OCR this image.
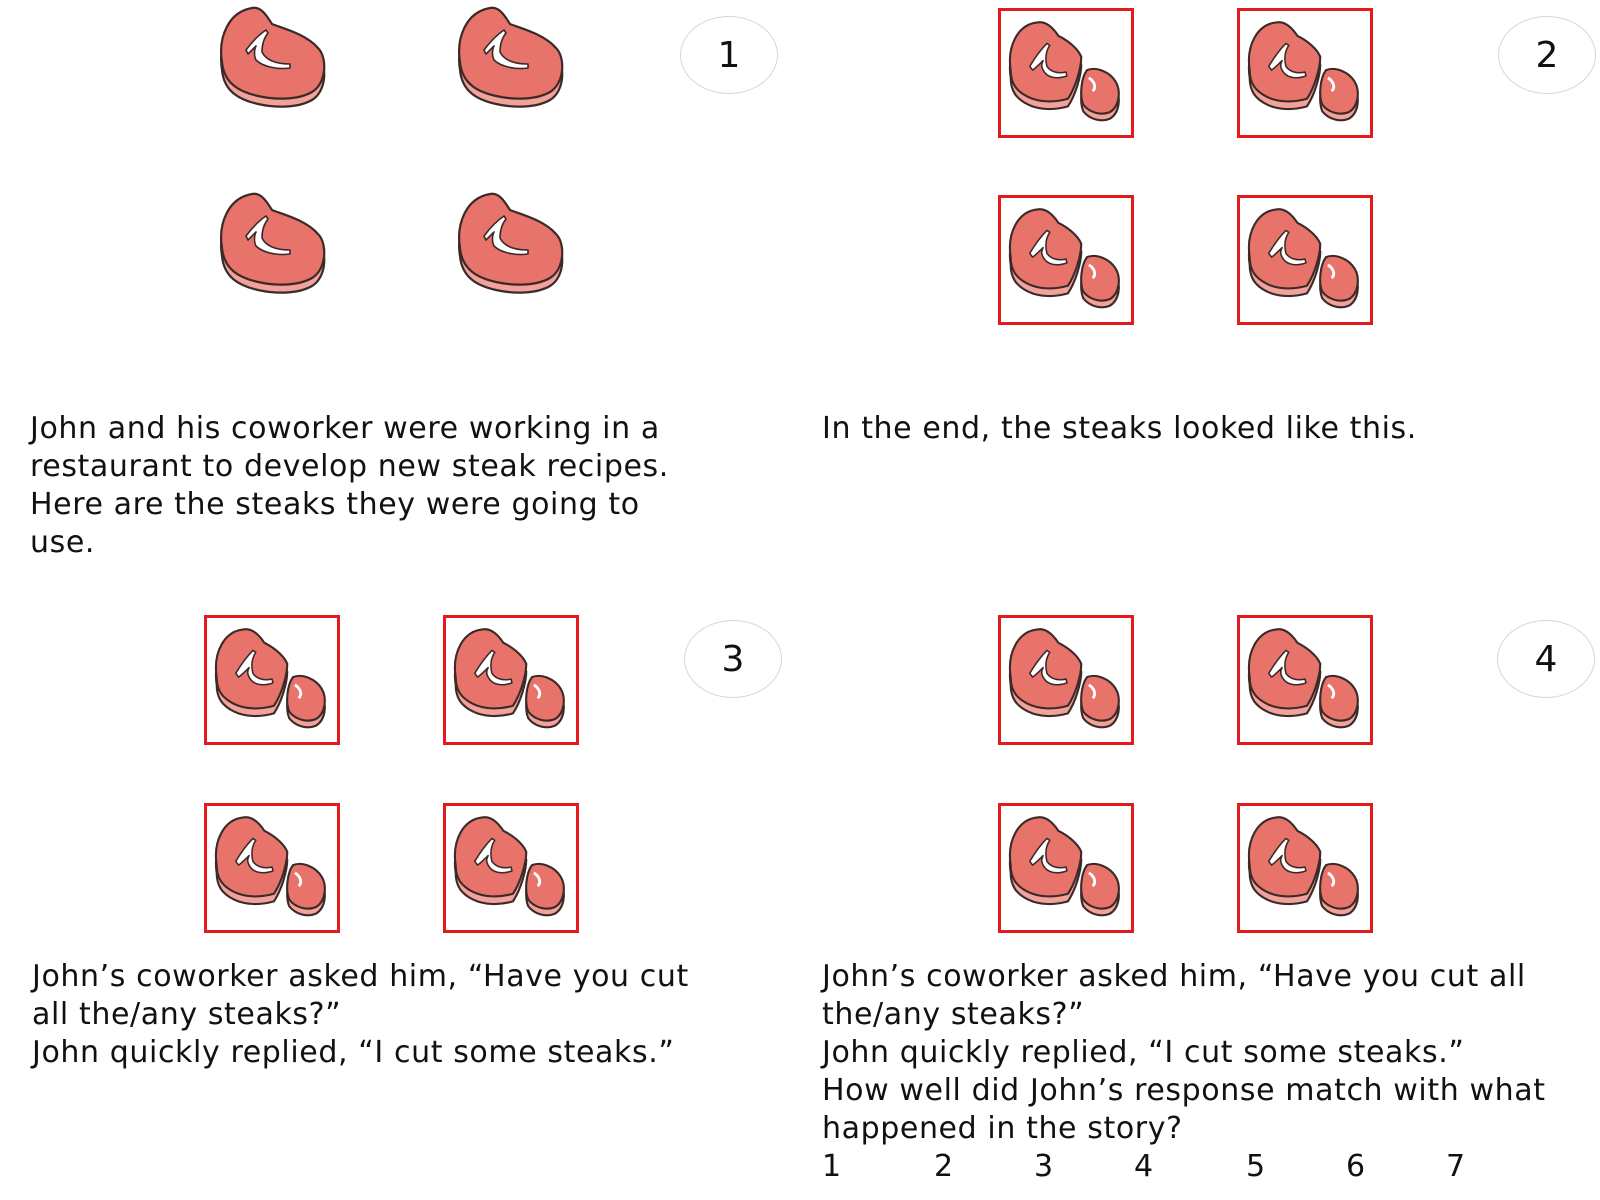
1
John and his coworker were working in a
restaurant to develop new steak recipes.
Here are the steaks they were going to
use.
2
In the end, the steaks looked like this.
3
John’s coworker asked him, “Have you cut
all the/any steaks?”
John quickly replied, “I cut some steaks.”
4
John’s coworker asked him, “Have you cut all
the/any steaks?”
John quickly replied, “I cut some steaks.”
How well did John’s response match with what
happened in the story?
1	2	3	4	5	6	7
